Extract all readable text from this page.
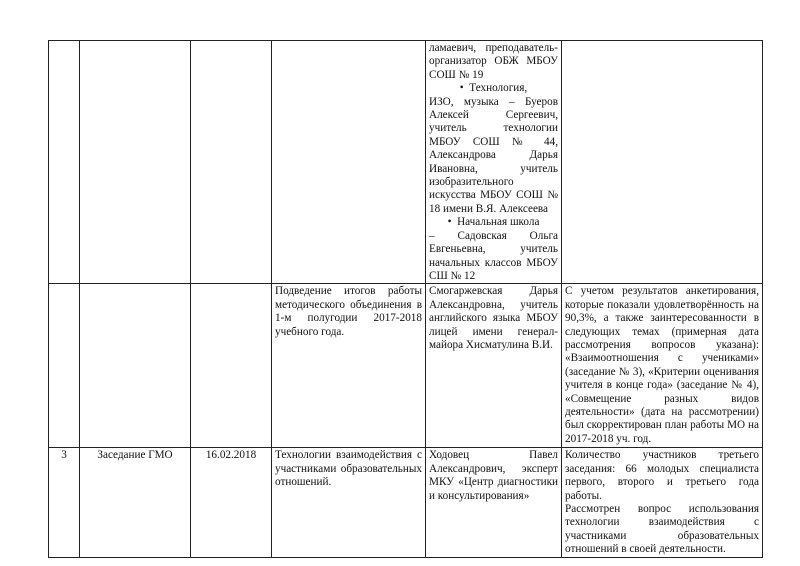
				ламаевич, преподаватель-организатор ОБЖ МБОУ СОШ № 19
•  Технология,
ИЗО, музыка – Буеров Алексей Сергеевич, учитель технологии МБОУ СОШ № 44, Александрова Дарья Ивановна, учитель изобразительного искусства МБОУ СОШ № 18 имени В.Я. Алексеева
•  Начальная школа
– Садовская Ольга Евгеньевна, учитель начальных классов МБОУ СШ № 12	

			Подведение итогов работы методического объединения в 1-м полугодии 2017-2018 учебного года.	Смогаржевская Дарья Александровна, учитель английского языка МБОУ лицей имени генерал-майора Хисматулина В.И.	С учетом результатов анкетирования, которые показали удовлетворённость на 90,3%, а также заинтересованности в следующих темах (примерная дата рассмотрения вопросов указана): «Взаимоотношения с учениками» (заседание № 3), «Критерии оценивания учителя в конце года» (заседание № 4), «Совмещение разных видов деятельности» (дата на рассмотрении) был скорректирован план работы МО на 2017-2018 уч. год.
3	Заседание ГМО	16.02.2018	Технологии взаимодействия с участниками образовательных отношений.	Ходовец Павел Александрович, эксперт МКУ «Центр диагностики и консультирования»	Количество участников третьего заседания: 66 молодых специалиста первого, второго и третьего года работы.
Рассмотрен вопрос использования технологии взаимодействия с участниками образовательных отношений в своей деятельности.
